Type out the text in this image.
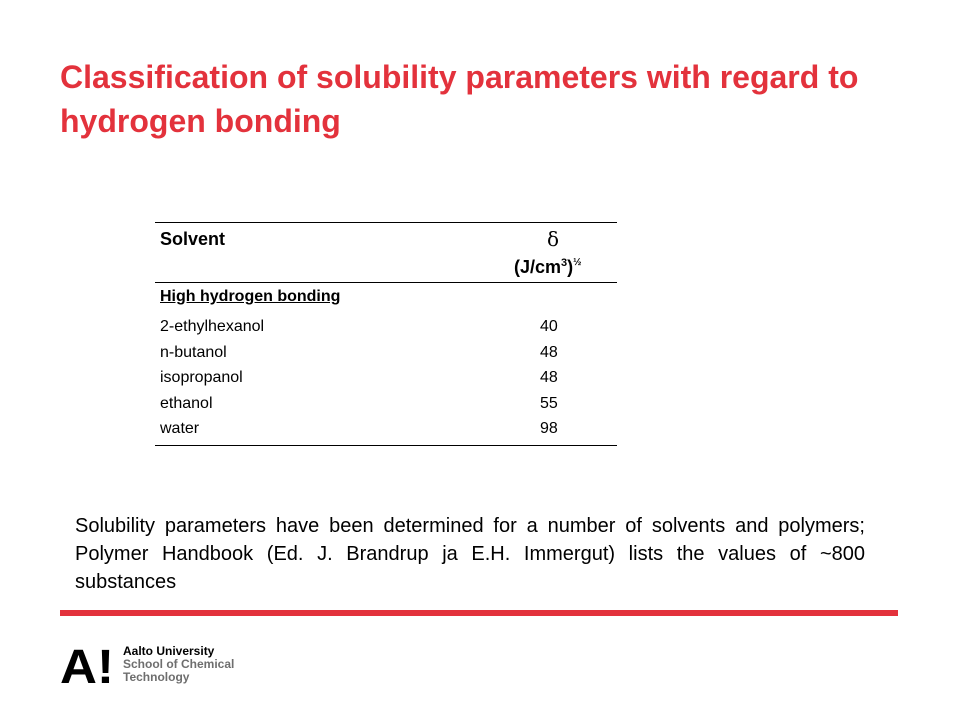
Classification of solubility parameters with regard to hydrogen bonding
Solvent	δ
$(J/cm^3)^{\frac{1}{2}}$
High hydrogen bonding
2-ethylhexanol	40
n-butanol	48
isopropanol	48
ethanol	55
water	98

Solubility parameters have been determined for a number of solvents and polymers; Polymer Handbook (Ed. J. Brandrup ja E.H. Immergut) lists the values of ~800 substances

A! Aalto University
School of Chemical
Technology
